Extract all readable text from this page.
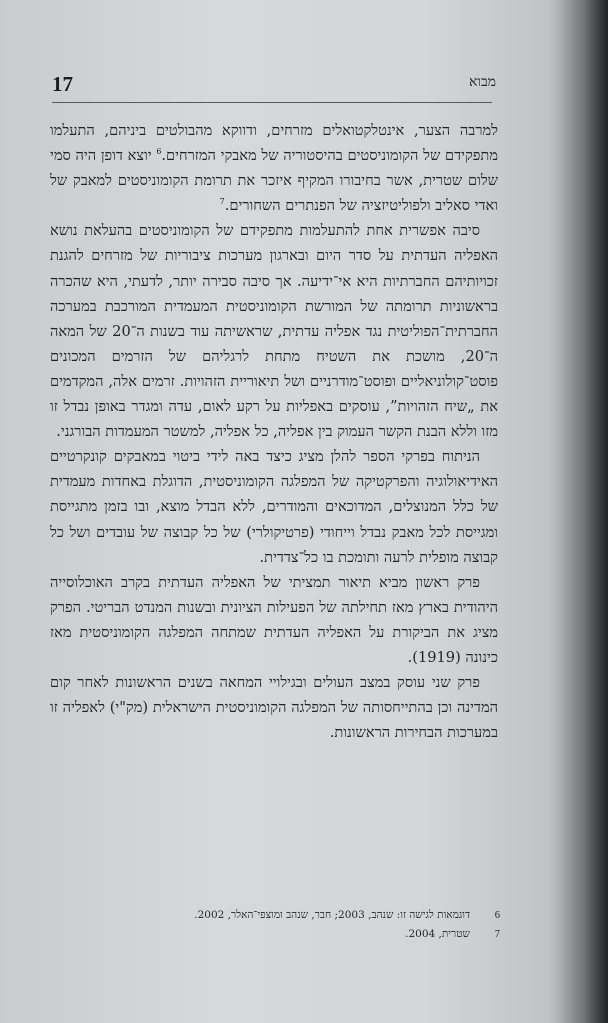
17	מבוא

למרבה הצער, אינטלקטואלים מזרחים, ודווקא מהבולטים ביניהם, התעלמו מתפקידם של הקומוניסטים בהיסטוריה של מאבקי המזרחים.$^6$ יוצא דופן היה סמי שלום שטרית, אשר בחיבורו המקיף איזכר את תרומת הקומוניסטים למאבק של ואדי סאליב ולפוליטיזציה של הפנתרים השחורים.$^7$

סיבה אפשרית אחת להתעלמות מתפקידם של הקומוניסטים בהעלאת נושא האפליה העדתית על סדר היום ובארגון מערכות ציבוריות של מזרחים להגנת זכויותיהם החברתיות היא אי־ידיעה. אך סיבה סבירה יותר, לדעתי, היא שהכרה בראשוניות תרומתה של המורשת הקומוניסטית המעמדית המורכבת במערכה החברתית־הפוליטית נגד אפליה עדתית, שראשיתה עוד בשנות ה־20 של המאה ה־20, מושכת את השטיח מתחת לרגליהם של הזרמים המכונים פוסט־קולוניאליים ופוסט־מודרניים ושל תיאוריית הזהויות. זרמים אלה, המקדמים את „שיח הזהויות”, עוסקים באפליות על רקע לאום, עדה ומגדר באופן נבדל זו מזו וללא הבנת הקשר העמוק בין אפליה, כל אפליה, למשטר המעמדות הבורגני.

הניתוח בפרקי הספר להלן מציג כיצד באה לידי ביטוי במאבקים קונקרטיים האידיאולוגיה והפרקטיקה של המפלגה הקומוניסטית, הדוגלת באחדות מעמדית של כלל המנוצלים, המדוכאים והמודרים, ללא הבדל מוצא, ובו בזמן מתגייסת ומגייסת לכל מאבק נבדל וייחודי (פרטיקולרי) של כל קבוצה של עובדים ושל כל קבוצה מופלית לרעה ותומכת בו כל־צדדית.

פרק ראשון מביא תיאור תמציתי של האפליה העדתית בקרב האוכלוסייה היהודית בארץ מאז תחילתה של הפעילות הציונית ובשנות המנדט הבריטי. הפרק מציג את הביקורת על האפליה העדתית שמתחה המפלגה הקומוניסטית מאז כינונה (1919).

פרק שני עוסק במצב העולים ובגילויי המחאה בשנים הראשונות לאחר קום המדינה וכן בהתייחסותה של המפלגה הקומוניסטית הישראלית (מק"י) לאפליה זו במערכות הבחירות הראשונות.

6
דוגמאות לגישה זו: שנהב, 2003; חבר, שנהב ומוצפי־האלר, 2002.
7
שטרית, 2004.
